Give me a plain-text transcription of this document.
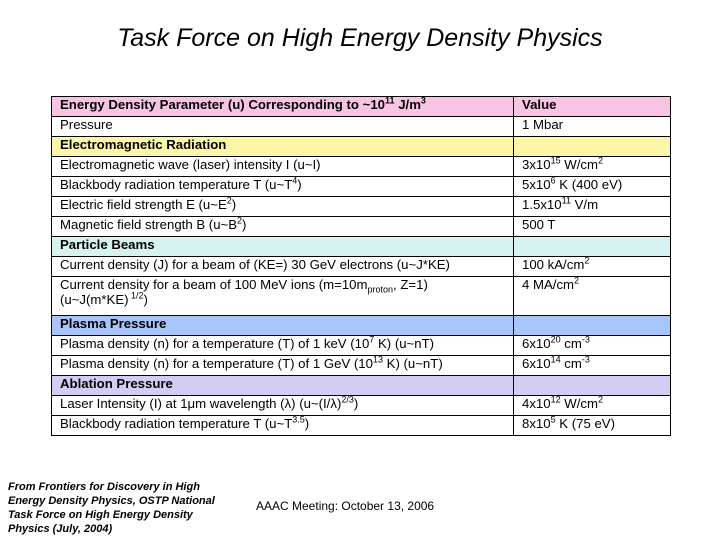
Task Force on High Energy Density Physics
Energy Density Parameter (u) Corresponding to $\sim 10^{11}$ $J/m^3$	Value
Pressure	1 Mbar
Electromagnetic Radiation	
Electromagnetic wave (laser) intensity I (u~I)	$3x10^{15}$ $W/cm^2$
Blackbody radiation temperature T $(u\sim T^4)$	$5x10^6$ K (400 eV)
Electric field strength E $(u\sim E^2)$	$1.5x10^{11}$ V/m
Magnetic field strength B $(u\sim B^2)$	500 T
Particle Beams	
Current density (J) for a beam of (KE=) 30 GeV electrons (u~J*KE)	100 $kA/cm^2$
Current density for a beam of 100 MeV ions ($m=10m_{proton}$, Z=1)
(u~J(m*KE) $^{1/2}$)	4 $MA/cm^2$
Plasma Pressure	
Plasma density (n) for a temperature (T) of 1 keV ($10^7$ K) (u~nT)	$6x10^{20}$ $cm^{-3}$
Plasma density (n) for a temperature (T) of 1 GeV ($10^{13}$ K) (u~nT)	$6x10^{14}$ $cm^{-3}$
Ablation Pressure	
Laser Intensity (I) at 1μm wavelength (λ) $(u\sim(I/\lambda)^{2/3})$	$4x10^{12}$ $W/cm^2$
Blackbody radiation temperature T $(u\sim T^{3.5})$	$8x10^5$ K (75 eV)
From Frontiers for Discovery in High Energy Density Physics, OSTP National Task Force on High Energy Density Physics (July, 2004)
AAAC Meeting: October 13, 2006
